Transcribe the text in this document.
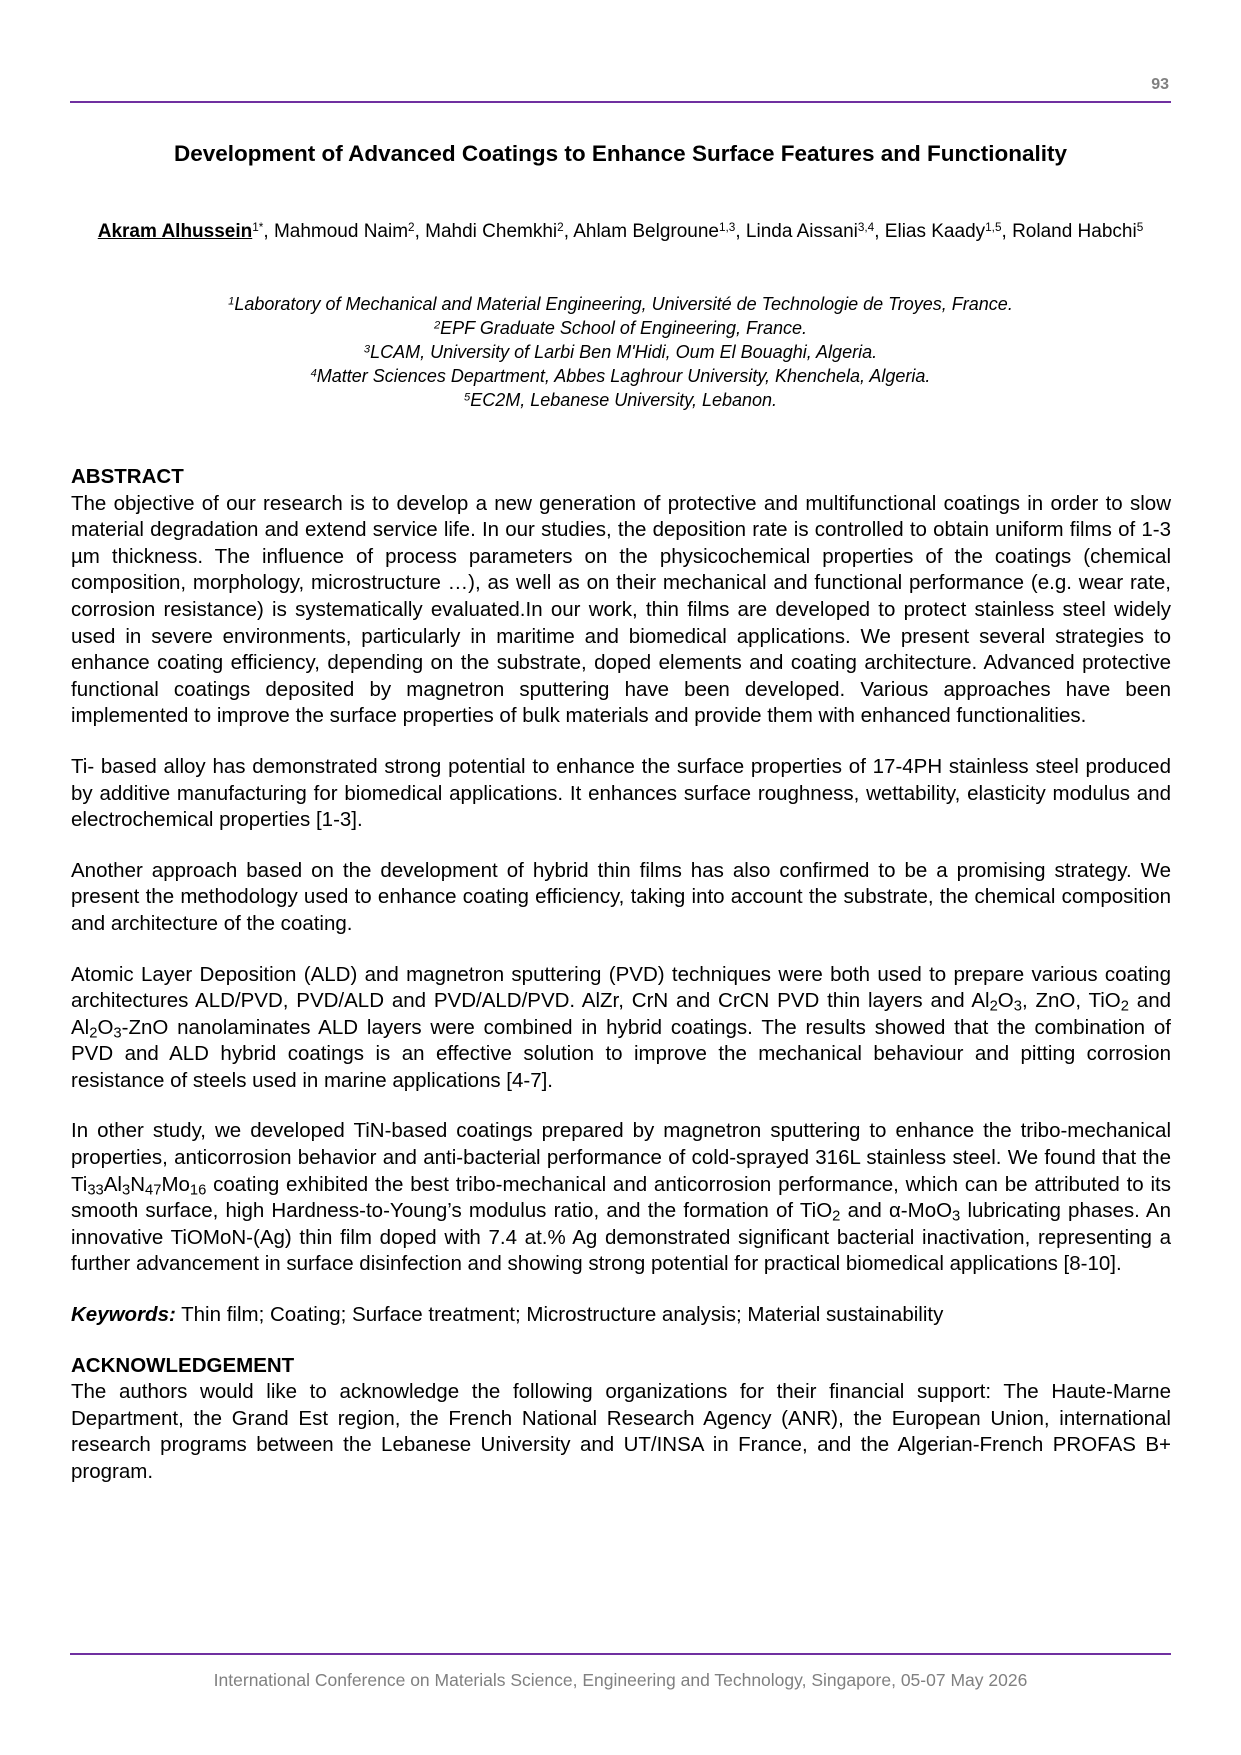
93
Development of Advanced Coatings to Enhance Surface Features and Functionality
Akram Alhussein$^{1*}$, Mahmoud Naim$^2$, Mahdi Chemkhi$^2$, Ahlam Belgroune$^{1,3}$, Linda Aissani$^{3,4}$, Elias Kaady$^{1,5}$, Roland Habchi$^5$
$^1$Laboratory of Mechanical and Material Engineering, Université de Technologie de Troyes, France.
$^2$EPF Graduate School of Engineering, France.
$^3$LCAM, University of Larbi Ben M'Hidi, Oum El Bouaghi, Algeria.
$^4$Matter Sciences Department, Abbes Laghrour University, Khenchela, Algeria.
$^5$EC2M, Lebanese University, Lebanon.
ABSTRACT

The objective of our research is to develop a new generation of protective and multifunctional coatings in order to slow material degradation and extend service life. In our studies, the deposition rate is controlled to obtain uniform films of 1-3 µm thickness. The influence of process parameters on the physicochemical properties of the coatings (chemical composition, morphology, microstructure …), as well as on their mechanical and functional performance (e.g. wear rate, corrosion resistance) is systematically evaluated.In our work, thin films are developed to protect stainless steel widely used in severe environments, particularly in maritime and biomedical applications. We present several strategies to enhance coating efficiency, depending on the substrate, doped elements and coating architecture. Advanced protective functional coatings deposited by magnetron sputtering have been developed. Various approaches have been implemented to improve the surface properties of bulk materials and provide them with enhanced functionalities.

Ti- based alloy has demonstrated strong potential to enhance the surface properties of 17-4PH stainless steel produced by additive manufacturing for biomedical applications. It enhances surface roughness, wettability, elasticity modulus and electrochemical properties [1-3].

Another approach based on the development of hybrid thin films has also confirmed to be a promising strategy. We present the methodology used to enhance coating efficiency, taking into account the substrate, the chemical composition and architecture of the coating.

Atomic Layer Deposition (ALD) and magnetron sputtering (PVD) techniques were both used to prepare various coating architectures ALD/PVD, PVD/ALD and PVD/ALD/PVD. AlZr, CrN and CrCN PVD thin layers and $Al_2O_3$, ZnO, TiO$_2$ and $Al_2O_3$-ZnO nanolaminates ALD layers were combined in hybrid coatings. The results showed that the combination of PVD and ALD hybrid coatings is an effective solution to improve the mechanical behaviour and pitting corrosion resistance of steels used in marine applications [4-7].

In other study, we developed TiN-based coatings prepared by magnetron sputtering to enhance the tribo-mechanical properties, anticorrosion behavior and anti-bacterial performance of cold-sprayed 316L stainless steel. We found that the $Ti_{33}Al_3N_{47}Mo_{16}$ coating exhibited the best tribo-mechanical and anticorrosion performance, which can be attributed to its smooth surface, high Hardness-to-Young’s modulus ratio, and the formation of TiO$_2$ and α-MoO$_3$ lubricating phases. An innovative TiOMoN-(Ag) thin film doped with 7.4 at.% Ag demonstrated significant bacterial inactivation, representing a further advancement in surface disinfection and showing strong potential for practical biomedical applications [8-10].

Keywords: Thin film; Coating; Surface treatment; Microstructure analysis; Material sustainability

ACKNOWLEDGEMENT

The authors would like to acknowledge the following organizations for their financial support: The Haute-Marne Department, the Grand Est region, the French National Research Agency (ANR), the European Union, international research programs between the Lebanese University and UT/INSA in France, and the Algerian-French PROFAS B+ program.

International Conference on Materials Science, Engineering and Technology, Singapore, 05-07 May 2026
